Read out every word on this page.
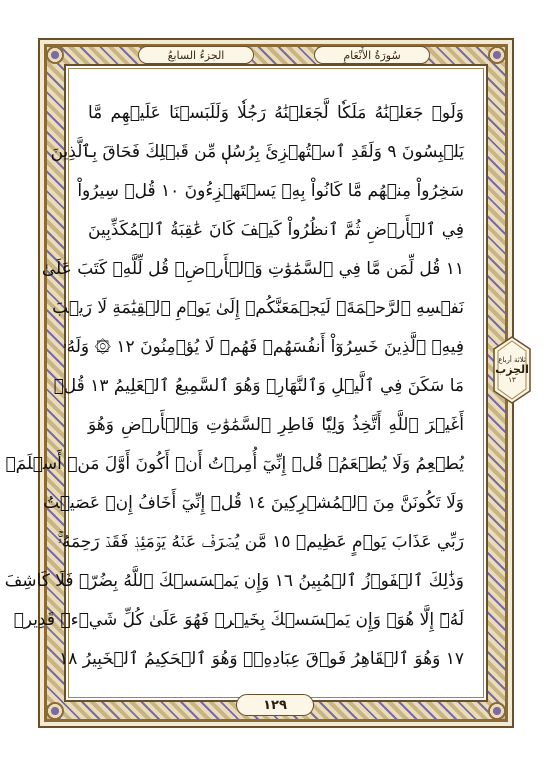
الجزءُ السابعُ	سُورَةُ الأَنْعَامِ
ثلاثة أرباع
الحِزب
١٣
وَلَوۡ جَعَلۡنَٰهُ مَلَكٗا لَّجَعَلۡنَٰهُ رَجُلٗا وَلَلَبَسۡنَا عَلَيۡهِم مَّا
يَلۡبِسُونَ ٩ وَلَقَدِ ٱسۡتُهۡزِئَ بِرُسُلٖ مِّن قَبۡلِكَ فَحَاقَ بِٱلَّذِينَ
سَخِرُواْ مِنۡهُم مَّا كَانُواْ بِهِۦ يَسۡتَهۡزِءُونَ ١٠ قُلۡ سِيرُواْ
فِي ٱلۡأَرۡضِ ثُمَّ ٱنظُرُواْ كَيۡفَ كَانَ عَٰقِبَةُ ٱلۡمُكَذِّبِينَ
١١ قُل لِّمَن مَّا فِي ٱلسَّمَٰوَٰتِ وَٱلۡأَرۡضِۖ قُل لِّلَّهِۚ كَتَبَ عَلَىٰ
نَفۡسِهِ ٱلرَّحۡمَةَۚ لَيَجۡمَعَنَّكُمۡ إِلَىٰ يَوۡمِ ٱلۡقِيَٰمَةِ لَا رَيۡبَ
فِيهِۚ ٱلَّذِينَ خَسِرُوٓاْ أَنفُسَهُمۡ فَهُمۡ لَا يُؤۡمِنُونَ ١٢ ۞ وَلَهُۥ
مَا سَكَنَ فِي ٱلَّيۡلِ وَٱلنَّهَارِۚ وَهُوَ ٱلسَّمِيعُ ٱلۡعَلِيمُ ١٣ قُلۡ
أَغَيۡرَ ٱللَّهِ أَتَّخِذُ وَلِيّٗا فَاطِرِ ٱلسَّمَٰوَٰتِ وَٱلۡأَرۡضِ وَهُوَ
يُطۡعِمُ وَلَا يُطۡعَمُۗ قُلۡ إِنِّيٓ أُمِرۡتُ أَنۡ أَكُونَ أَوَّلَ مَنۡ أَسۡلَمَۖ
وَلَا تَكُونَنَّ مِنَ ٱلۡمُشۡرِكِينَ ١٤ قُلۡ إِنِّيٓ أَخَافُ إِنۡ عَصَيۡتُ
رَبِّي عَذَابَ يَوۡمٍ عَظِيمٖ ١٥ مَّن يُصۡرَفۡ عَنۡهُ يَوۡمَئِذٖ فَقَدۡ رَحِمَهُۥۚ
وَذَٰلِكَ ٱلۡفَوۡزُ ٱلۡمُبِينُ ١٦ وَإِن يَمۡسَسۡكَ ٱللَّهُ بِضُرّٖ فَلَا كَاشِفَ
لَهُۥٓ إِلَّا هُوَۖ وَإِن يَمۡسَسۡكَ بِخَيۡرٖ فَهُوَ عَلَىٰ كُلِّ شَيۡءٖ قَدِيرٞ
١٧ وَهُوَ ٱلۡقَاهِرُ فَوۡقَ عِبَادِهِۦۚ وَهُوَ ٱلۡحَكِيمُ ٱلۡخَبِيرُ ١٨
١٢٩
